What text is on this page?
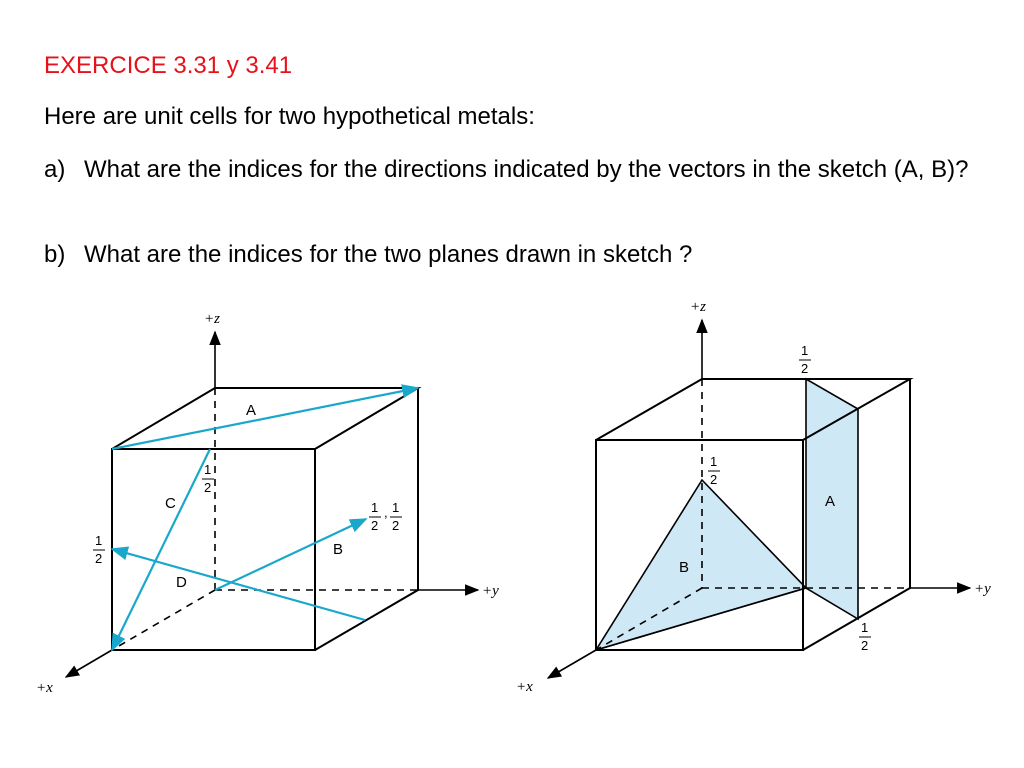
EXERCICE 3.31 y 3.41
Here are unit cells for two hypothetical metals:
a) What are the indices for the directions indicated by the vectors in the sketch (A, B)?
b) What are the indices for the two planes drawn in sketch ?
+z
+y
+x
A
B
C
D
1
2
1
2
1
2
, 1
2
+z
+y
+x
A
B
1
2
1
2
1
2
